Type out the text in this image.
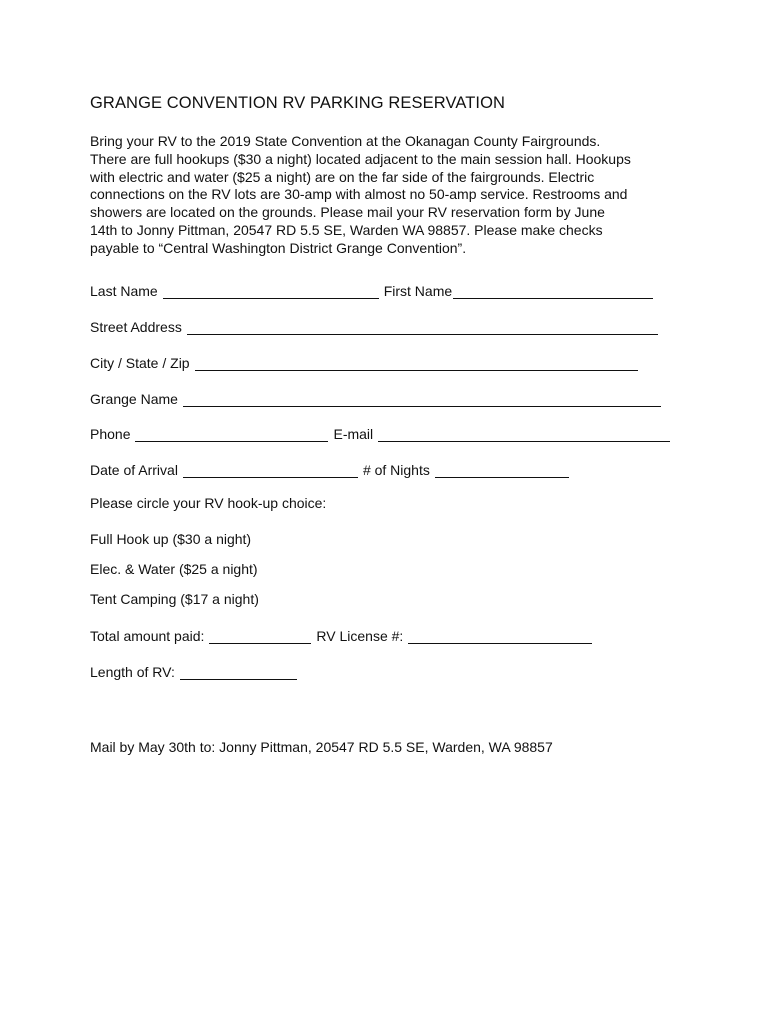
GRANGE CONVENTION RV PARKING RESERVATION

Bring your RV to the 2019 State Convention at the Okanagan County Fairgrounds.

There are full hookups ($30 a night) located adjacent to the main session hall. Hookups

with electric and water ($25 a night) are on the far side of the fairgrounds. Electric

connections on the RV lots are 30-amp with almost no 50-amp service. Restrooms and

showers are located on the grounds. Please mail your RV reservation form by June

14th to Jonny Pittman, 20547 RD 5.5 SE, Warden WA 98857. Please make checks

payable to “Central Washington District Grange Convention”.

Last Name	First Name
Street Address
City / State / Zip
Grange Name
Phone	E-mail
Date of Arrival	# of Nights
Please circle your RV hook-up choice:
Full Hook up ($30 a night)
Elec. & Water ($25 a night)
Tent Camping ($17 a night)
Total amount paid:	RV License #:
Length of RV:
Mail by May 30th to: Jonny Pittman, 20547 RD 5.5 SE, Warden, WA 98857
